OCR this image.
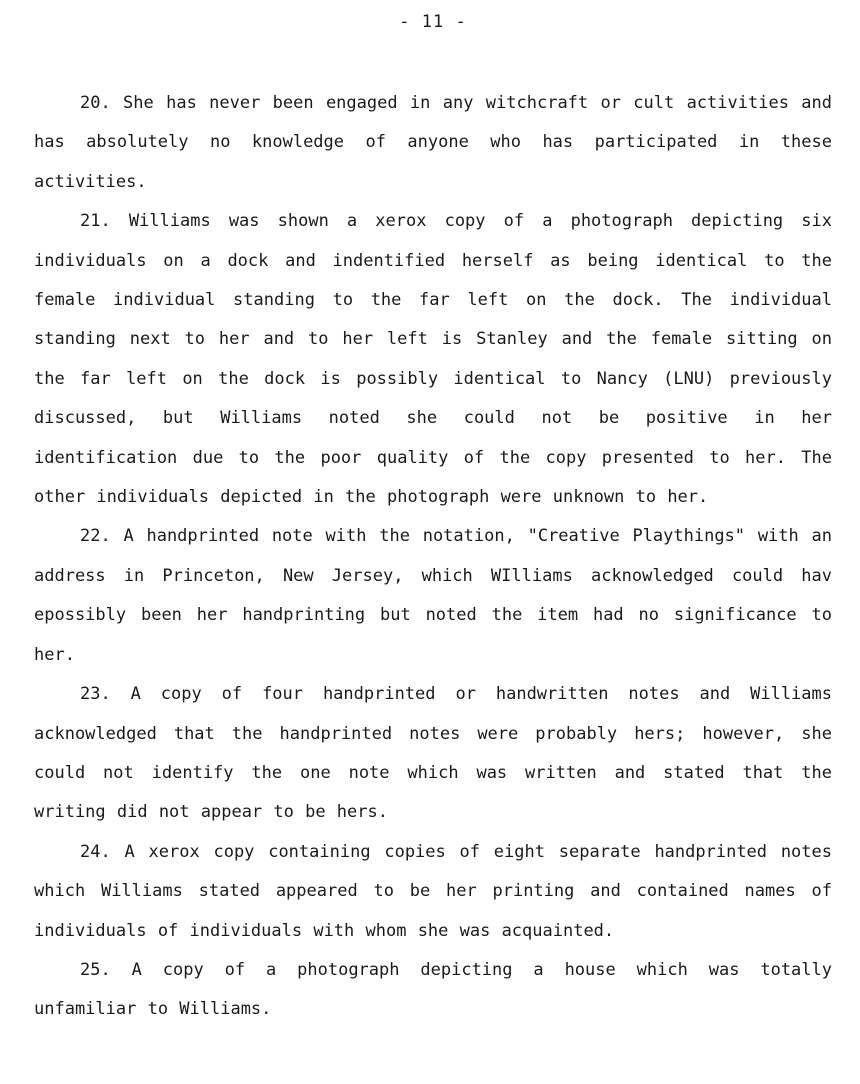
- 11 -

20. She has never been engaged in any witchcraft or cult activities and has absolutely no knowledge of anyone who has participated in these activities.

21. Williams was shown a xerox copy of a photograph depicting six individuals on a dock and indentified herself as being identical to the female individual standing to the far left on the dock. The individual standing next to her and to her left is Stanley and the female sitting on the far left on the dock is possibly identical to Nancy (LNU) previously discussed, but Williams noted she could not be positive in her identification due to the poor quality of the copy presented to her. The other individuals depicted in the photograph were unknown to her.

22. A handprinted note with the notation, "Creative Playthings" with an address in Princeton, New Jersey, which WIlliams acknowledged could hav epossibly been her handprinting but noted the item had no significance to her.

23. A copy of four handprinted or handwritten notes and Williams acknowledged that the handprinted notes were probably hers; however, she could not identify the one note which was written and stated that the writing did not appear to be hers.

24. A xerox copy containing copies of eight separate handprinted notes which Williams stated appeared to be her printing and contained names of individuals of individuals with whom she was acquainted.

25. A copy of a photograph depicting a house which was totally unfamiliar to Williams.
